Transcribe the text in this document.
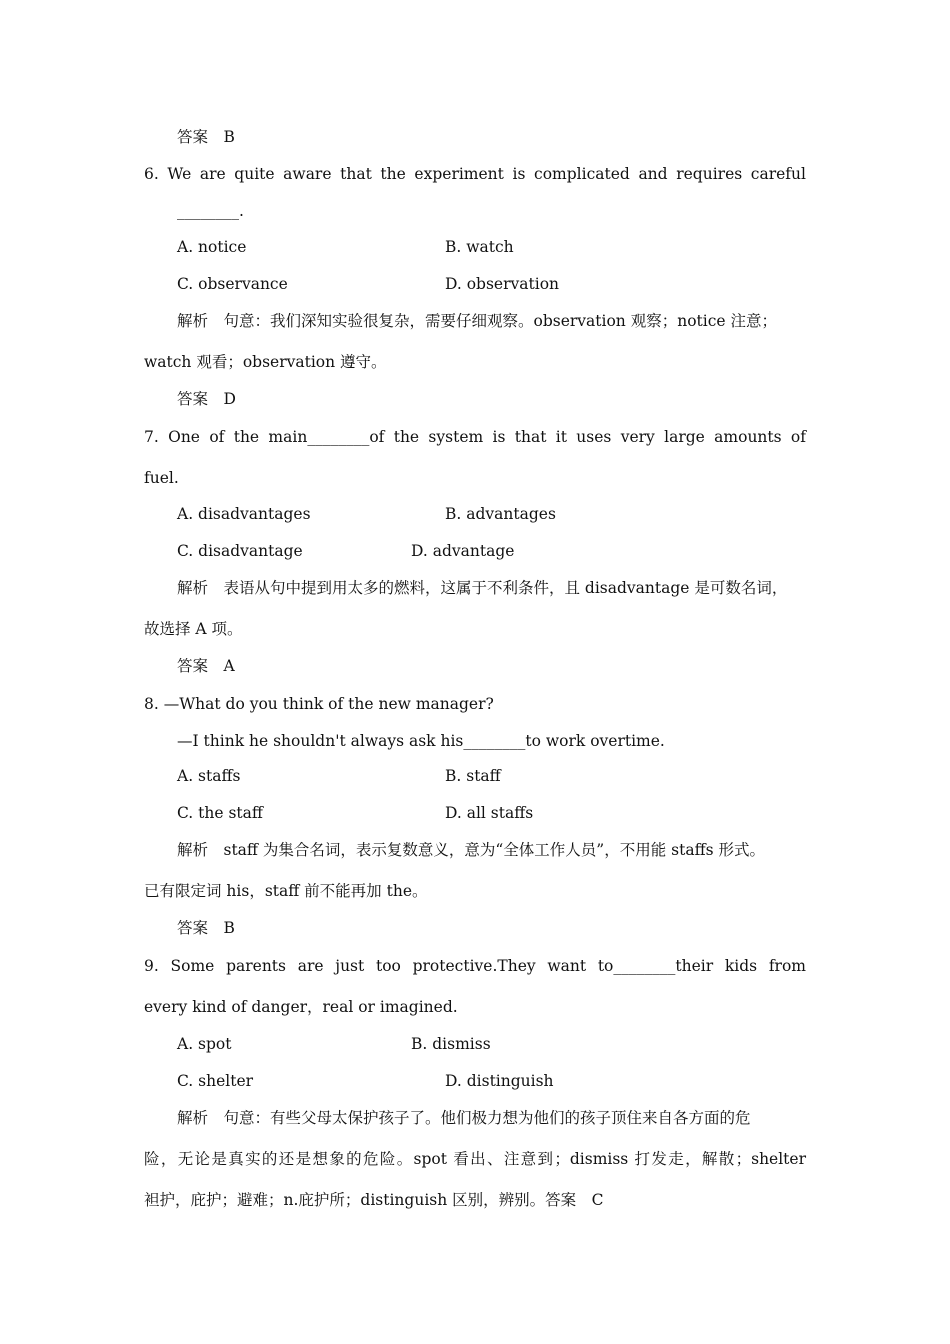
答案　B
6. We are quite aware that the experiment is complicated and requires careful
________.
A. notice	B. watch
C. observance	D. observation
解析　句意：我们深知实验很复杂，需要仔细观察。observation 观察；notice 注意；
watch 观看；observation 遵守。
答案　D
7. One of the main________of the system is that it uses very large amounts of
fuel.
A. disadvantages	B. advantages
C. disadvantage	D. advantage
解析　表语从句中提到用太多的燃料，这属于不利条件，且 disadvantage 是可数名词，
故选择 A 项。
答案　A
8. —What do you think of the new manager?
—I think he shouldn't always ask his________to work overtime.
A. staffs	B. staff
C. the staff	D. all staffs
解析　staff 为集合名词，表示复数意义，意为“全体工作人员”，不用能 staffs 形式。
已有限定词 his，staff 前不能再加 the。
答案　B
9. Some parents are just too protective.They want to________their kids from
every kind of danger，real or imagined.
A. spot	B. dismiss
C. shelter	D. distinguish
解析　句意：有些父母太保护孩子了。他们极力想为他们的孩子顶住来自各方面的危
险，无论是真实的还是想象的危险。spot 看出、注意到；dismiss 打发走，解散；shelter
袒护，庇护；避难；n.庇护所；distinguish 区别，辨别。答案　C
